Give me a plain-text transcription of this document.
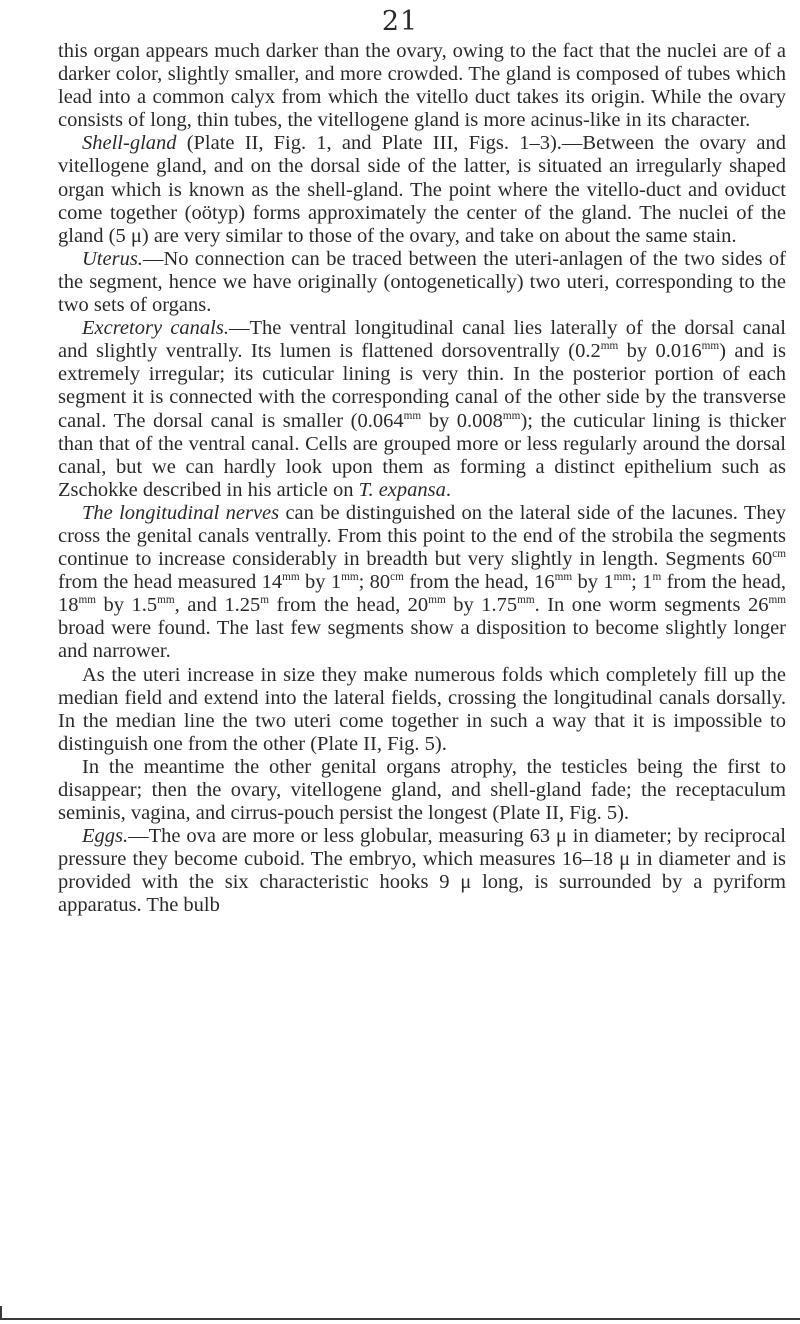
21

this organ appears much darker than the ovary, owing to the fact that the nuclei are of a darker color, slightly smaller, and more crowded. The gland is composed of tubes which lead into a common calyx from which the vitello duct takes its origin. While the ovary consists of long, thin tubes, the vitellogene gland is more acinus-like in its character.

Shell-gland (Plate II, Fig. 1, and Plate III, Figs. 1–3).—Between the ovary and vitellogene gland, and on the dorsal side of the latter, is situated an irregularly shaped organ which is known as the shell-gland. The point where the vitello-duct and oviduct come together (oötyp) forms approximately the center of the gland. The nuclei of the gland (5 μ) are very similar to those of the ovary, and take on about the same stain.

Uterus.—No connection can be traced between the uteri-anlagen of the two sides of the segment, hence we have originally (ontogenetically) two uteri, corresponding to the two sets of organs.

Excretory canals.—The ventral longitudinal canal lies laterally of the dorsal canal and slightly ventrally. Its lumen is flattened dorsoventrally ($0.2^{mm}$ by $0.016^{mm}$) and is extremely irregular; its cuticular lining is very thin. In the posterior portion of each segment it is connected with the corresponding canal of the other side by the transverse canal. The dorsal canal is smaller ($0.064^{mm}$ by $0.008^{mm}$); the cuticular lining is thicker than that of the ventral canal. Cells are grouped more or less regularly around the dorsal canal, but we can hardly look upon them as forming a distinct epithelium such as Zschokke described in his article on T. expansa.

The longitudinal nerves can be distinguished on the lateral side of the lacunes. They cross the genital canals ventrally. From this point to the end of the strobila the segments continue to increase considerably in breadth but very slightly in length. Segments $60^{cm}$ from the head measured $14^{mm}$ by $1^{mm}$; $80^{cm}$ from the head, $16^{mm}$ by $1^{mm}$; 1$^m$ from the head, $18^{mm}$ by $1.5^{mm}$, and 1.25$^m$ from the head, $20^{mm}$ by $1.75^{mm}$. In one worm segments $26^{mm}$ broad were found. The last few segments show a disposition to become slightly longer and narrower.

As the uteri increase in size they make numerous folds which completely fill up the median field and extend into the lateral fields, crossing the longitudinal canals dorsally. In the median line the two uteri come together in such a way that it is impossible to distinguish one from the other (Plate II, Fig. 5).

In the meantime the other genital organs atrophy, the testicles being the first to disappear; then the ovary, vitellogene gland, and shell-gland fade; the receptaculum seminis, vagina, and cirrus-pouch persist the longest (Plate II, Fig. 5).

Eggs.—The ova are more or less globular, measuring 63 μ in diameter; by reciprocal pressure they become cuboid. The embryo, which measures 16–18 μ in diameter and is provided with the six characteristic hooks 9 μ long, is surrounded by a pyriform apparatus. The bulb
